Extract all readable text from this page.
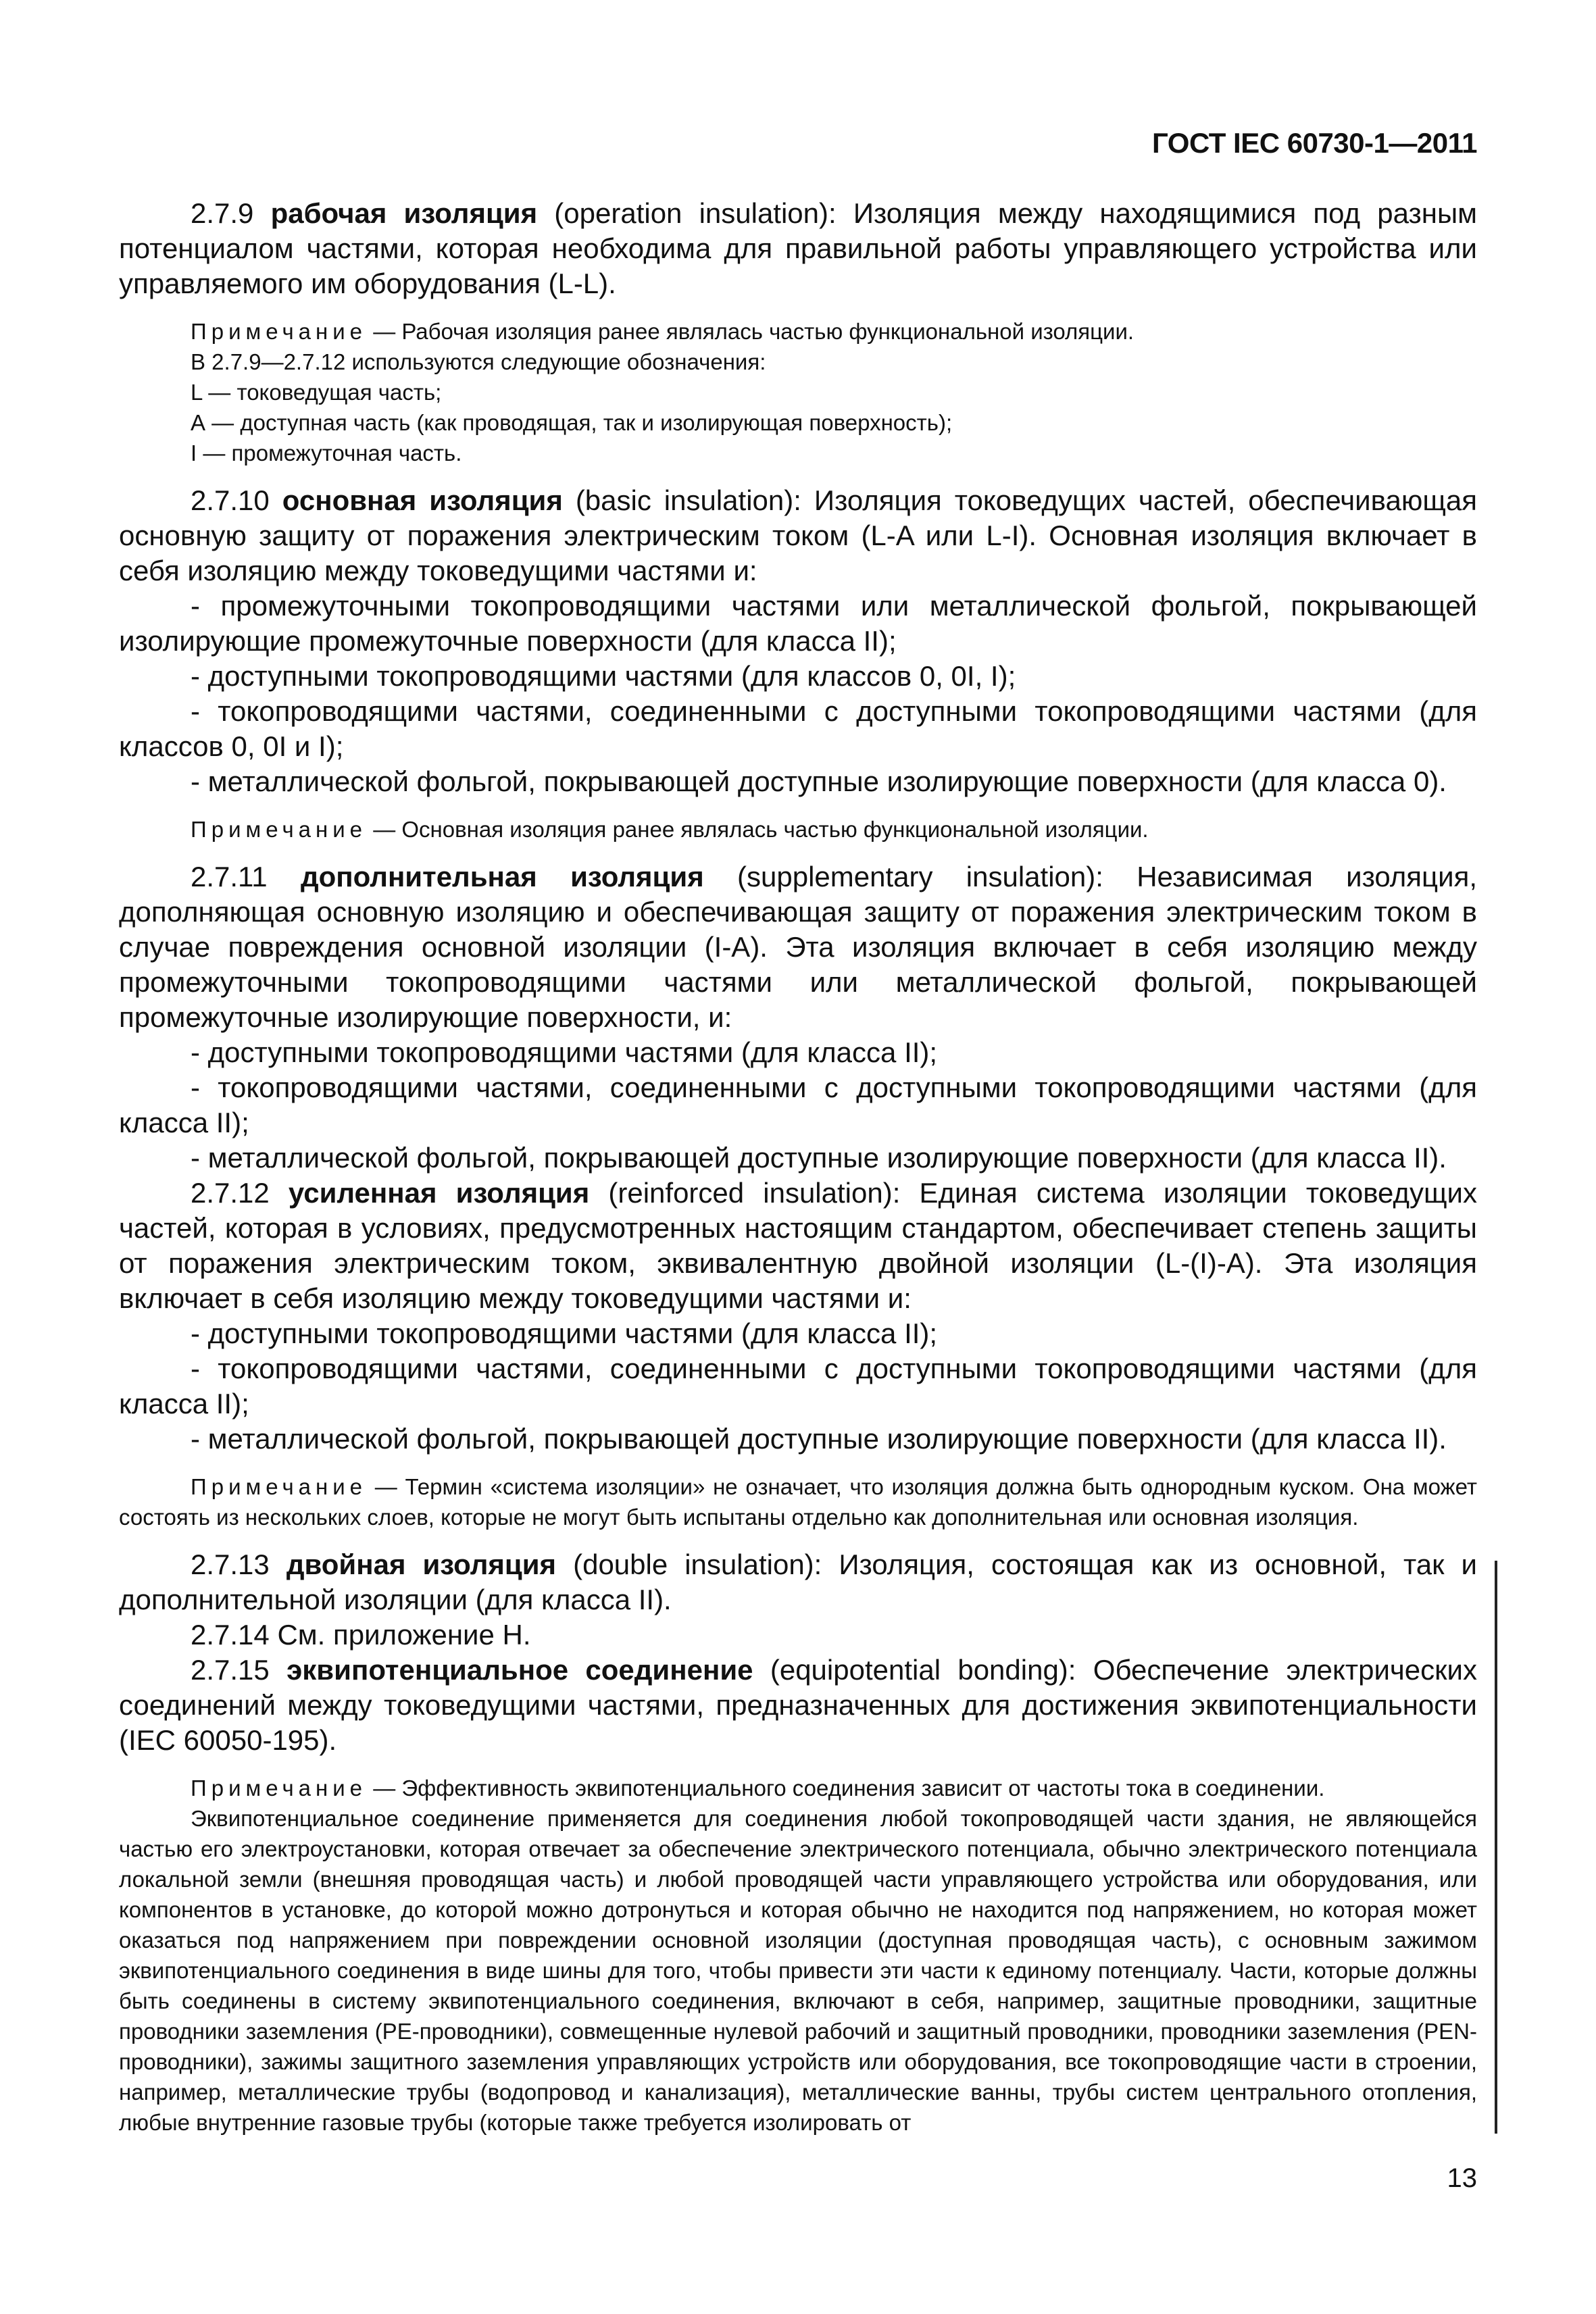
ГОСТ IEC 60730-1—2011

2.7.9 рабочая изоляция (operation insulation): Изоляция между находящимися под разным потенциалом частями, которая необходима для правильной работы управляющего устройства или управляемого им оборудования (L-L).

Примечание — Рабочая изоляция ранее являлась частью функциональной изоляции.

В 2.7.9—2.7.12 используются следующие обозначения:

L — токоведущая часть;

А — доступная часть (как проводящая, так и изолирующая поверхность);

I — промежуточная часть.

2.7.10 основная изоляция (basic insulation): Изоляция токоведущих частей, обеспечивающая основную защиту от поражения электрическим током (L-A или L-I). Основная изоляция включает в себя изоляцию между токоведущими частями и:

- промежуточными токопроводящими частями или металлической фольгой, покрывающей изолирующие промежуточные поверхности (для класса II);

- доступными токопроводящими частями (для классов 0, 0I, I);

- токопроводящими частями, соединенными с доступными токопроводящими частями (для классов 0, 0I и I);

- металлической фольгой, покрывающей доступные изолирующие поверхности (для класса 0).

Примечание — Основная изоляция ранее являлась частью функциональной изоляции.

2.7.11 дополнительная изоляция (supplementary insulation): Независимая изоляция, дополняющая основную изоляцию и обеспечивающая защиту от поражения электрическим током в случае повреждения основной изоляции (I-A). Эта изоляция включает в себя изоляцию между промежуточными токопроводящими частями или металлической фольгой, покрывающей промежуточные изолирующие поверхности, и:

- доступными токопроводящими частями (для класса II);

- токопроводящими частями, соединенными с доступными токопроводящими частями (для класса II);

- металлической фольгой, покрывающей доступные изолирующие поверхности (для класса II).

2.7.12 усиленная изоляция (reinforced insulation): Единая система изоляции токоведущих частей, которая в условиях, предусмотренных настоящим стандартом, обеспечивает степень защиты от поражения электрическим током, эквивалентную двойной изоляции (L-(I)-A). Эта изоляция включает в себя изоляцию между токоведущими частями и:

- доступными токопроводящими частями (для класса II);

- токопроводящими частями, соединенными с доступными токопроводящими частями (для класса II);

- металлической фольгой, покрывающей доступные изолирующие поверхности (для класса II).

Примечание — Термин «система изоляции» не означает, что изоляция должна быть однородным куском. Она может состоять из нескольких слоев, которые не могут быть испытаны отдельно как дополнительная или основная изоляция.

2.7.13 двойная изоляция (double insulation): Изоляция, состоящая как из основной, так и дополнительной изоляции (для класса II).

2.7.14 См. приложение Н.

2.7.15 эквипотенциальное соединение (equipotential bonding): Обеспечение электрических соединений между токоведущими частями, предназначенных для достижения эквипотенциальности (IEC 60050-195).

Примечание — Эффективность эквипотенциального соединения зависит от частоты тока в соединении.

Эквипотенциальное соединение применяется для соединения любой токопроводящей части здания, не являющейся частью его электроустановки, которая отвечает за обеспечение электрического потенциала, обычно электрического потенциала локальной земли (внешняя проводящая часть) и любой проводящей части управляющего устройства или оборудования, или компонентов в установке, до которой можно дотронуться и которая обычно не находится под напряжением, но которая может оказаться под напряжением при повреждении основной изоляции (доступная проводящая часть), с основным зажимом эквипотенциального соединения в виде шины для того, чтобы привести эти части к единому потенциалу. Части, которые должны быть соединены в систему эквипотенциального соединения, включают в себя, например, защитные проводники, защитные проводники заземления (PE-проводники), совмещенные нулевой рабочий и защитный проводники, проводники заземления (PEN-проводники), зажимы защитного заземления управляющих устройств или оборудования, все токопроводящие части в строении, например, металлические трубы (водопровод и канализация), металлические ванны, трубы систем центрального отопления, любые внутренние газовые трубы (которые также требуется изолировать от

13
